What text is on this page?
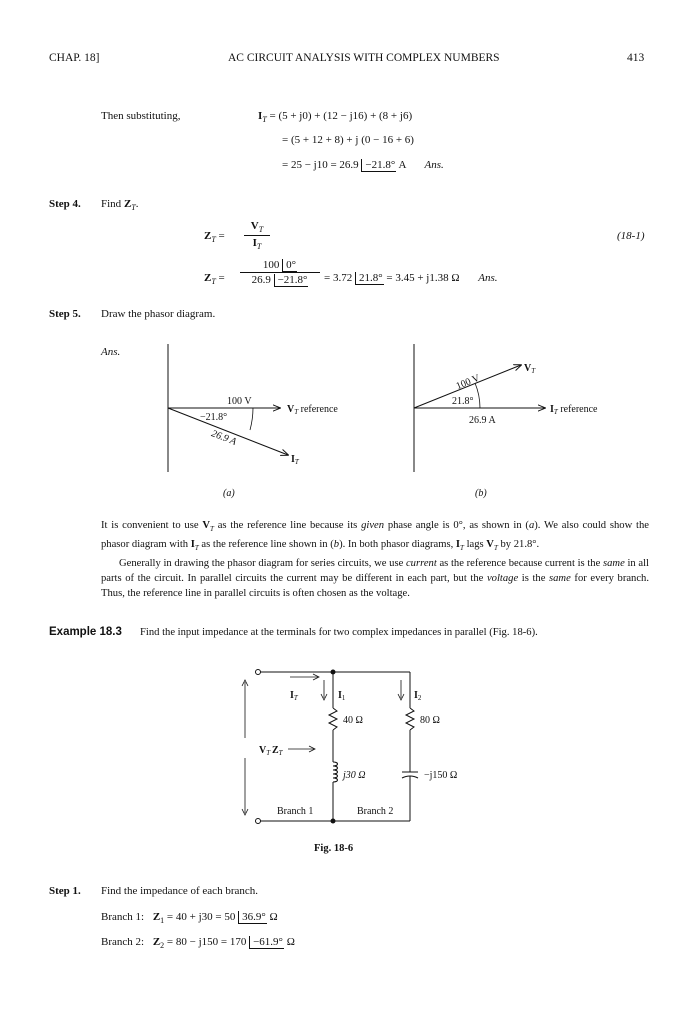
CHAP. 18]	AC CIRCUIT ANALYSIS WITH COMPLEX NUMBERS	413
Then substituting,	$I_T = (5 + j0) + (12 - j16) + (8 + j6)$
= (5 + 12 + 8) + j (0 − 16 + 6)
= 25 − j10 = 26.9 −21.8° A Ans.
Step 4. Find $Z_T$.
$Z_T = \frac{V_T}{I_T}$	(18-1)
$Z_T = \frac{100 0^\circ}{26.9 -21.8^\circ} = 3.72$ 21.8° = 3.45 + j1.38 Ω Ans.
Step 5. Draw the phasor diagram.
Ans.
100 V
−21.8°
26.9 A
$V_T$ reference
$I_T$
(a)
100 V
21.8°
26.9 A
$V_T$
$I_T$ reference
(b)

It is convenient to use $V_T$ as the reference line because its given phase angle is 0°, as shown in (a). We also could show the phasor diagram with $I_T$ as the reference line shown in (b). In both phasor diagrams, $I_T$ lags $V_T$ by 21.8°.

Generally in drawing the phasor diagram for series circuits, we use current as the reference because current is the same in all parts of the circuit. In parallel circuits the current may be different in each part, but the voltage is the same for every branch. Thus, the reference line in parallel circuits is often chosen as the voltage.

Example 18.3 Find the input impedance at the terminals for two complex impedances in parallel (Fig. 18-6).
$I_T$	$I_1$	$I_2$
40 Ω	80 Ω
j30 Ω	−j150 Ω
$V_T$ $Z_T$
Branch 1	Branch 2
Fig. 18-6
Step 1. Find the impedance of each branch.
Branch 1: $Z_1 = 40 + j30 = 50$ 36.9° Ω
Branch 2: $Z_2 = 80 - j150 = 170 -61.9^\circ$ Ω
